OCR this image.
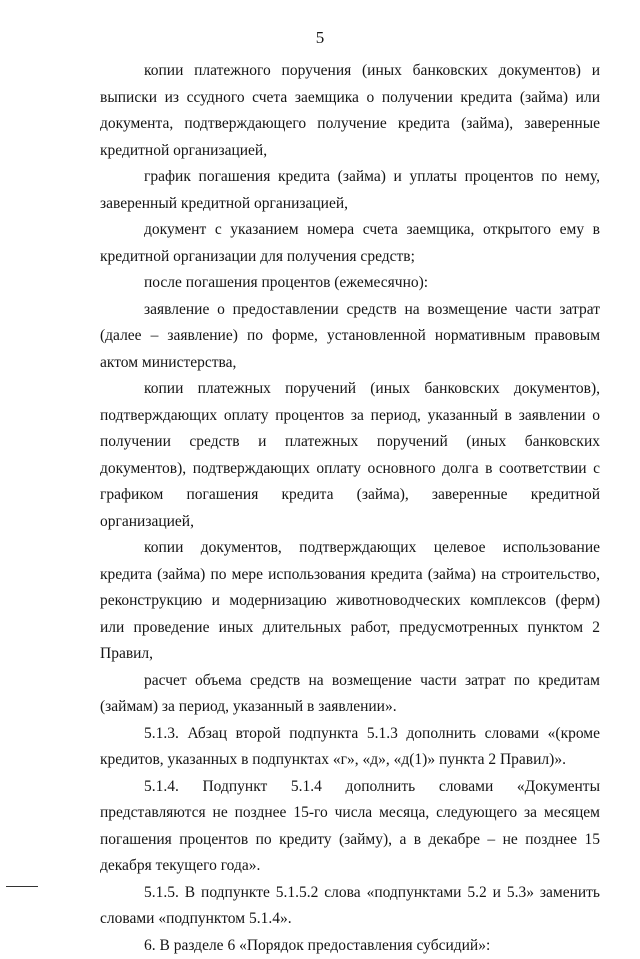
5

копии платежного поручения (иных банковских документов) и выписки из ссудного счета заемщика о получении кредита (займа) или документа, подтверждающего получение кредита (займа), заверенные кредитной организацией,

график погашения кредита (займа) и уплаты процентов по нему, заверенный кредитной организацией,

документ с указанием номера счета заемщика, открытого ему в кредитной организации для получения средств;

после погашения процентов (ежемесячно):

заявление о предоставлении средств на возмещение части затрат (далее – заявление) по форме, установленной нормативным правовым актом министерства,

копии платежных поручений (иных банковских документов), подтверждающих оплату процентов за период, указанный в заявлении о получении средств и платежных поручений (иных банковских документов), подтверждающих оплату основного долга в соответствии с графиком погашения кредита (займа), заверенные кредитной организацией,

копии документов, подтверждающих целевое использование кредита (займа) по мере использования кредита (займа) на строительство, реконструкцию и модернизацию животноводческих комплексов (ферм) или проведение иных длительных работ, предусмотренных пунктом 2 Правил,

расчет объема средств на возмещение части затрат по кредитам (займам) за период, указанный в заявлении».

5.1.3. Абзац второй подпункта 5.1.3 дополнить словами «(кроме кредитов, указанных в подпунктах «г», «д», «д(1)» пункта 2 Правил)».

5.1.4. Подпункт 5.1.4 дополнить словами «Документы представляются не позднее 15-го числа месяца, следующего за месяцем погашения процентов по кредиту (займу), а в декабре – не позднее 15 декабря текущего года».

5.1.5. В подпункте 5.1.5.2 слова «подпунктами 5.2 и 5.3» заменить словами «подпунктом 5.1.4».

6. В разделе 6 «Порядок предоставления субсидий»:
